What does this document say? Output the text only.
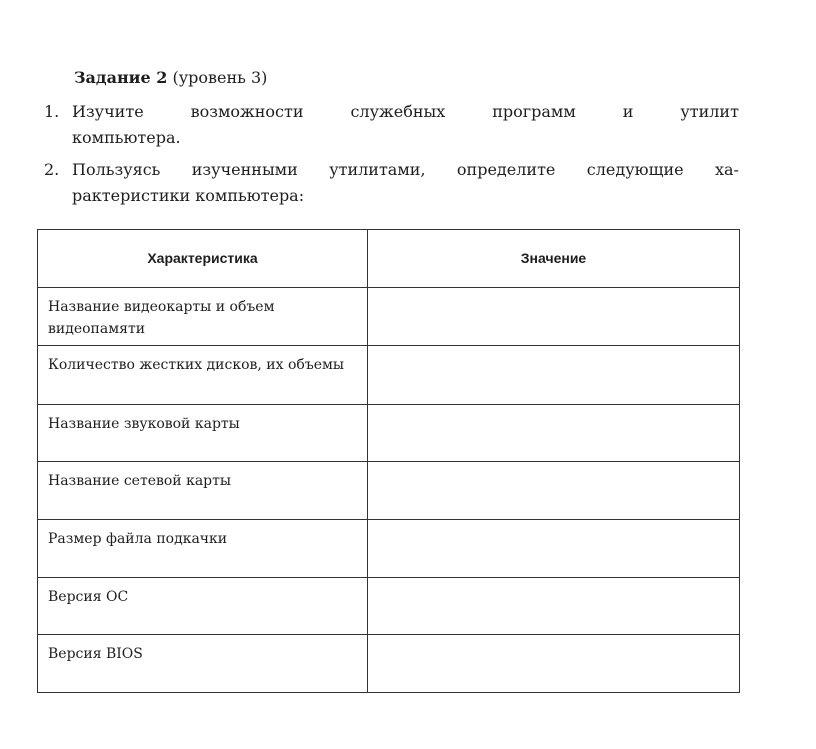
Задание 2 (уровень 3)
1. Изучите	возможности	служебных	программ	и	утилит
компьютера.
2. Пользуясь изученными утилитами, определите следующие ха-
рактеристики компьютера:
Характеристика	Значение
Название видеокарты и объем видеопамяти	
Количество жестких дисков, их объемы	
Название звуковой карты	
Название сетевой карты	
Размер файла подкачки	
Версия ОС	
Версия BIOS	
